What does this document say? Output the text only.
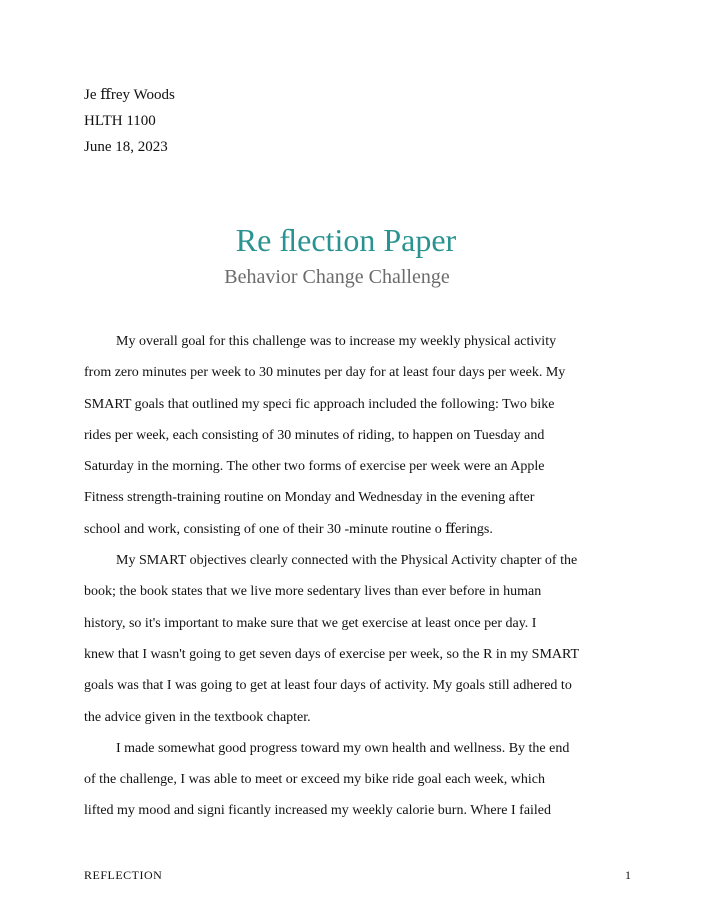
Je ﬀrey Woods
HLTH 1100
June 18, 2023
Re ﬂection Paper
Behavior Change Challenge
My overall goal for this challenge was to increase my weekly physical activity
from zero minutes per week to 30 minutes per day for at least four days per week. My
SMART goals that outlined my speci fic approach included the following: Two bike
rides per week, each consisting of 30 minutes of riding, to happen on Tuesday and
Saturday in the morning. The other two forms of exercise per week were an Apple
Fitness strength-training routine on Monday and Wednesday in the evening after
school and work, consisting of one of their 30 -minute routine o ﬀerings.
My SMART objectives clearly connected with the Physical Activity chapter of the
book; the book states that we live more sedentary lives than ever before in human
history, so it's important to make sure that we get exercise at least once per day. I
knew that I wasn't going to get seven days of exercise per week, so the R in my SMART
goals was that I was going to get at least four days of activity. My goals still adhered to
the advice given in the textbook chapter.
I made somewhat good progress toward my own health and wellness. By the end
of the challenge, I was able to meet or exceed my bike ride goal each week, which
lifted my mood and signi ficantly increased my weekly calorie burn. Where I failed
REFLECTION	1
